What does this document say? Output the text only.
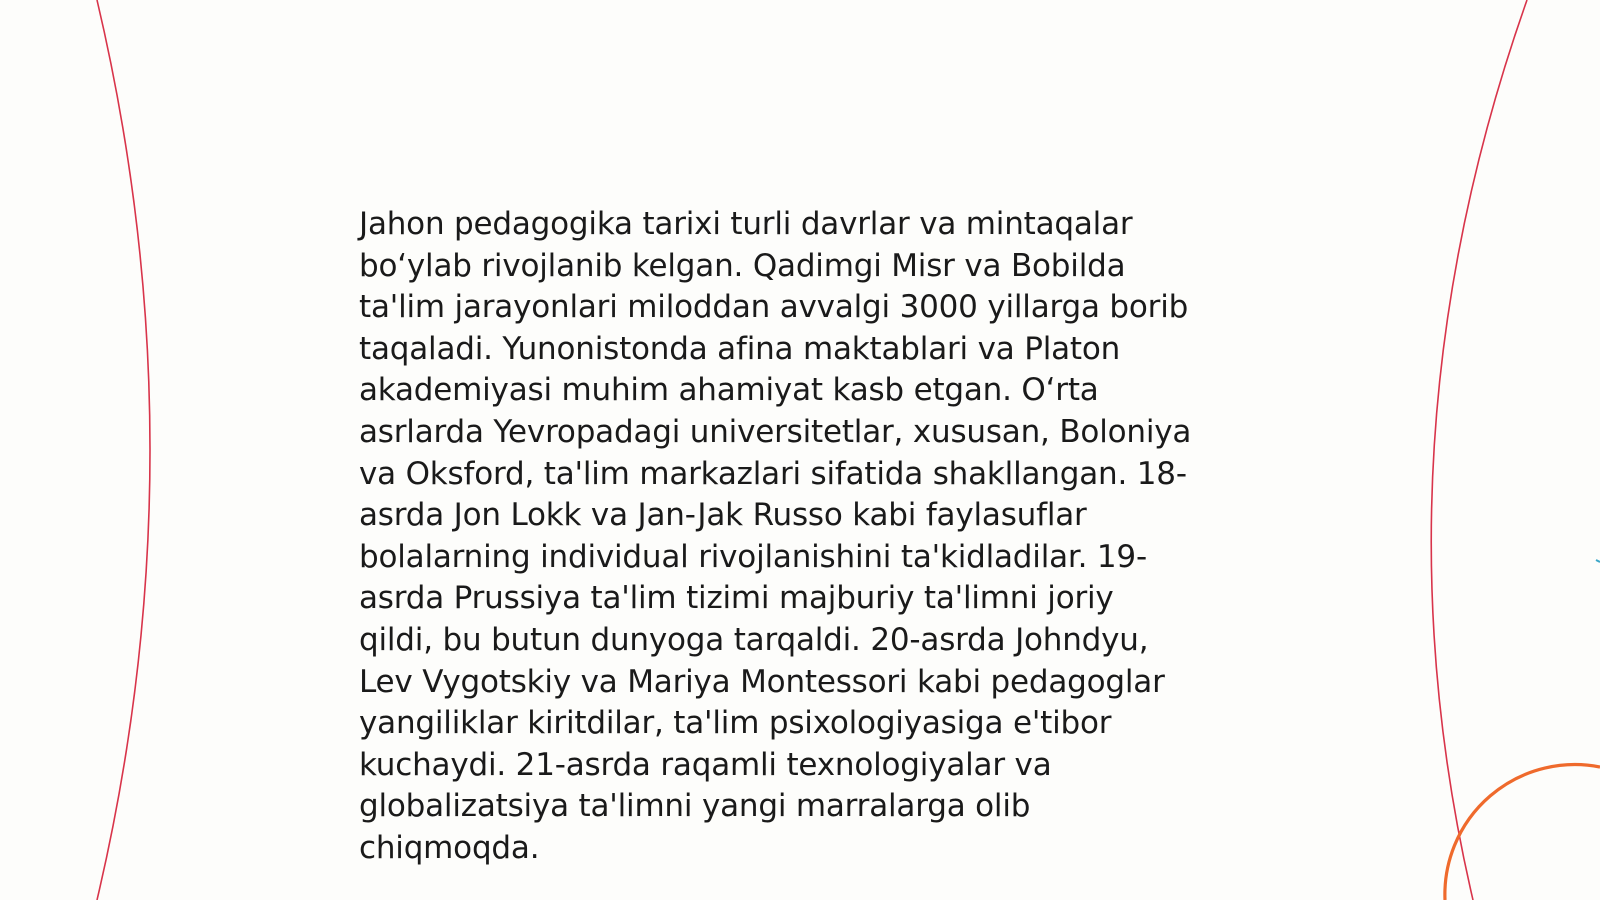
Jahon pedagogika tarixi turli davrlar va mintaqalar
bo‘ylab rivojlanib kelgan. Qadimgi Misr va Bobilda
ta'lim jarayonlari miloddan avvalgi 3000 yillarga borib
taqaladi. Yunonistonda afina maktablari va Platon
akademiyasi muhim ahamiyat kasb etgan. O‘rta
asrlarda Yevropadagi universitetlar, xususan, Boloniya
va Oksford, ta'lim markazlari sifatida shakllangan. 18-
asrda Jon Lokk va Jan-Jak Russo kabi faylasuflar
bolalarning individual rivojlanishini ta'kidladilar. 19-
asrda Prussiya ta'lim tizimi majburiy ta'limni joriy
qildi, bu butun dunyoga tarqaldi. 20-asrda Johndyu,
Lev Vygotskiy va Mariya Montessori kabi pedagoglar
yangiliklar kiritdilar, ta'lim psixologiyasiga e'tibor
kuchaydi. 21-asrda raqamli texnologiyalar va
globalizatsiya ta'limni yangi marralarga olib
chiqmoqda.
